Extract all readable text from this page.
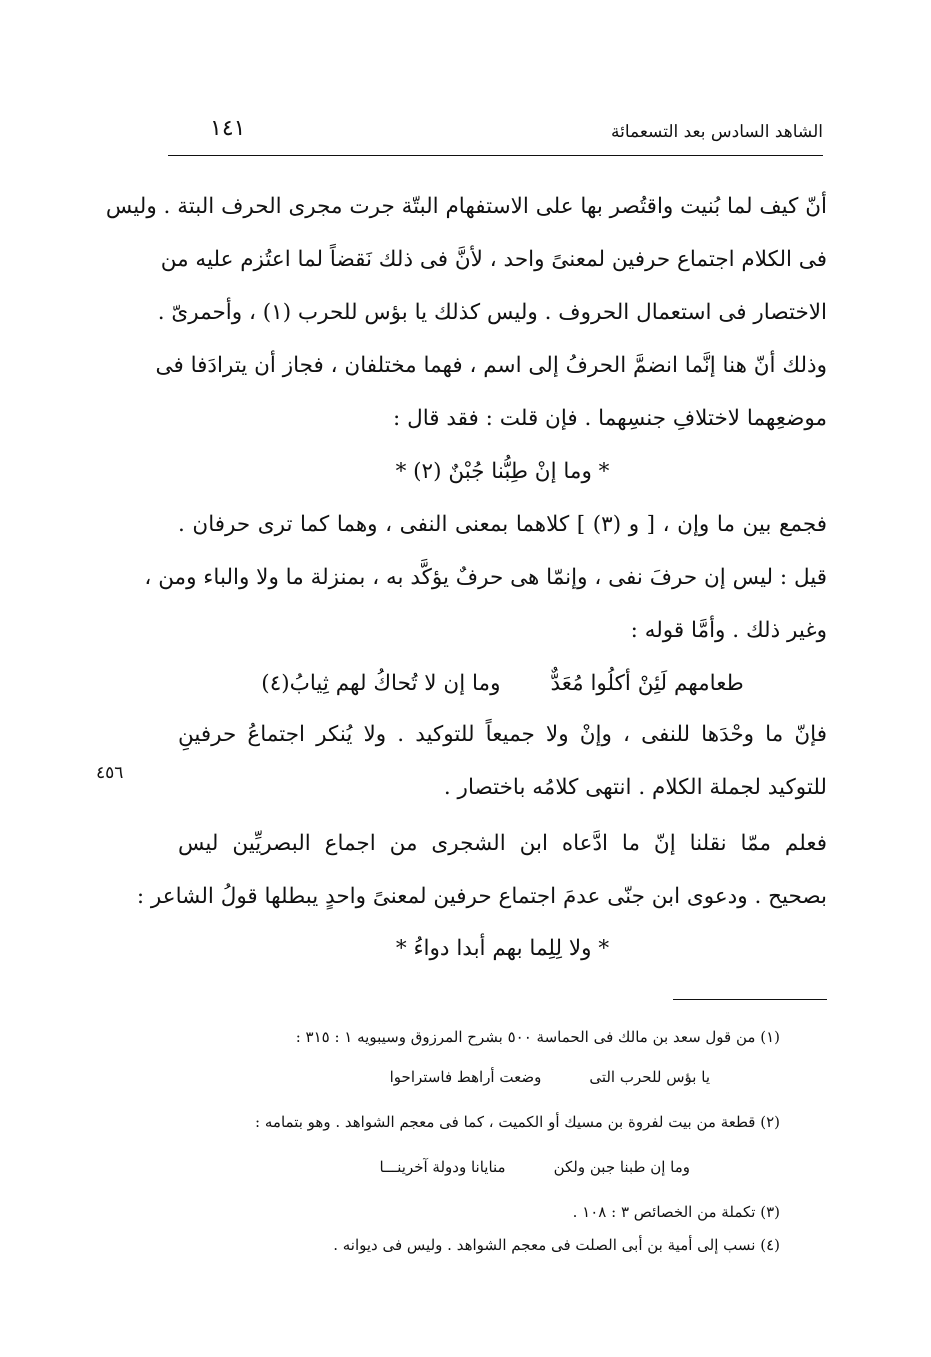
الشاهد السادس بعد التسعمائة
١٤١
٤٥٦
أنّ كيف لما بُنيت واقتُصر بها على الاستفهام البتّة جرت مجرى الحرف البتة . وليس
فى الكلام اجتماع حرفين لمعنىً واحد ، لأنَّ فى ذلك نَقضاً لما اعتُزم عليه من
الاختصار فى استعمال الحروف . وليس كذلك يا بؤس للحرب (١) ، وأحمرىّ .
وذلك أنّ هنا إنَّما انضمَّ الحرفُ إلى اسم ، فهما مختلفان ، فجاز أن يترادَفا فى
موضعِهما لاختلافِ جنسِهما . فإن قلت : فقد قال :
* وما إنْ طِبُّنا جُبْنٌ (٢) *
فجمع بين ما وإن ، [ و (٣) ] كلاهما بمعنى النفى ، وهما كما ترى حرفان .
قيل : ليس إن حرفَ نفى ، وإنمّا هى حرفٌ يؤكَّد به ، بمنزلة ما ولا والباء ومن ،
وغير ذلك . وأمَّا قوله :
طعامهم لَئِنْ أكلُوا مُعَدٌّ
وما إن لا تُحاكُ لهم ثِيابُ(٤)
فإنّ ما وحْدَها للنفى ، وإنْ ولا جميعاً للتوكيد . ولا يُنكر اجتماعُ حرفينِ
للتوكيد لجملة الكلام . انتهى كلامُه باختصار .
فعلم ممّا نقلنا إنّ ما ادَّعاه ابن الشجرى من اجماع البصريِّين ليس
بصحيح . ودعوى ابن جنّى عدمَ اجتماع حرفين لمعنىً واحدٍ يبطلها قولُ الشاعر :
* ولا لِلِما بهم أبدا دواءُ *
(١) من قول سعد بن مالك فى الحماسة ٥٠٠ بشرح المرزوق وسيبويه ١ : ٣١٥ :
يا بؤس للحرب التى
وضعت أراهط فاستراحوا
(٢) قطعة من بيت لفروة بن مسيك أو الكميت ، كما فى معجم الشواهد . وهو بتمامه :
وما إن طبنا جبن ولكن
منايانا ودولة آخرينـــا
(٣) تكملة من الخصائص ٣ : ١٠٨ .
(٤) نسب إلى أمية بن أبى الصلت فى معجم الشواهد . وليس فى ديوانه .
